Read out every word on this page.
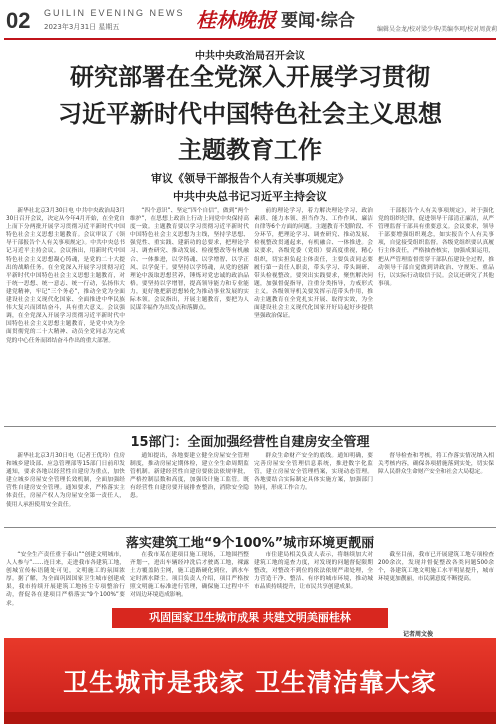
02 GUILIN EVENING NEWS
2023年3月31日 星期五	桂林晚报 要闻·综合	编辑吴金龙/校对梁少华/美编李珂/校对周黄莉
中共中央政治局召开会议
研究部署在全党深入开展学习贯彻
习近平新时代中国特色社会主义思想
主题教育工作
审议《领导干部报告个人有关事项规定》
中共中央总书记习近平主持会议

新华社北京3月30日电 中共中央政治局3月30日召开会议，决定从今年4月开始，在全党自上而下分两批开展学习贯彻习近平新时代中国特色社会主义思想主题教育。会议审议了《领导干部报告个人有关事项规定》。中共中央总书记习近平主持会议。会议指出，用新时代中国特色社会主义思想凝心铸魂，是党的二十大提出的战略任务。在全党深入开展学习贯彻习近平新时代中国特色社会主义思想主题教育，对于统一思想、统一意志、统一行动，弘扬伟大建党精神，牢记“三个务必”，推动全党为全面建设社会主义现代化国家、全面推进中华民族伟大复兴而团结奋斗，具有重大意义。会议强调，在全党深入开展学习贯彻习近平新时代中国特色社会主义思想主题教育，是党中央为全面贯彻党的二十大精神、动员全党同志为完成党的中心任务而团结奋斗作出的重大部署。

“四个意识”、坚定“四个自信”，做到“两个维护”，在思想上政治上行动上同党中央保持高度一致。主题教育要以学习贯彻习近平新时代中国特色社会主义思想为主线，坚持学思想、强党性、重实践、建新功的总要求，把理论学习、调查研究、推动发展、检视整改等有机融合、一体推进，以学铸魂、以学增智、以学正风、以学促干。要坚持以学铸魂，从党的创新理论中汲取思想营养，锤炼对党忠诚的政治品格。要坚持以学增智，提高领导能力和专业能力，更好地把新思想转化为推动事业发展的实际本领。会议指出，开展主题教育，要把为人民谋幸福作为出发点和落脚点。

前的理论学习，着力解决理论学习、政治素质、能力本领、担当作为、工作作风、廉洁自律等6个方面的问题。主题教育不划阶段、不分环节，把理论学习、调查研究、推动发展、检视整改贯通起来，有机融合、一体推进。会议要求，各级党委（党组）要高度重视，精心组织，切实担负起主体责任，主要负责同志要履行第一责任人职责，带头学习、带头调研、带头检视整改。要突出实践要求，聚焦解决问题，加强督促指导，注重分类指导，力戒形式主义。各级领导机关要发挥示范带头作用，推动主题教育在全党扎实开展、取得实效，为全面建设社会主义现代化国家开好局起好步提供坚强政治保证。

干部报告个人有关事项规定》，对于强化党的组织纪律，促进领导干部清正廉洁，从严管理监督干部具有重要意义。会议要求，领导干部要增强组织观念，如实报告个人有关事项，自觉接受组织监督。各级党组织要认真履行主体责任，严格抽查核实，加强成果运用，把从严管理监督贯穿干部队伍建设全过程，推动领导干部自觉做到讲政治、守规矩、重品行，以实际行动取信于民。会议还研究了其他事项。

15部门：全面加强经营性自建房安全管理

新华社北京3月30日电（记者王优玲）住房和城乡建设部、应急管理部等15部门日前印发通知，要求各地以经营性自建房为重点，加快建立城乡房屋安全管理长效机制，全面加强经营性自建房安全管理。通知要求，严格落实主体责任，房屋产权人为房屋安全第一责任人，使用人承担使用安全责任。

通知提出，各地要建立健全房屋安全管理制度，推动房屋定期体检，建立全生命周期监管机制。新建经营性自建房要依法依规审批，严格控制层数和高度，加强设计施工监管。既有经营性自建房要开展排查整治，消除安全隐患。

群众生命财产安全的底线。通知明确，要完善房屋安全管理信息系统，推进数字化监管，建立房屋安全管理档案，实现动态管理。各地要结合实际制定具体实施方案，加强部门协同，形成工作合力。

督导检查和考核，将工作落实情况纳入相关考核内容，确保各项措施落到实处，切实保障人民群众生命财产安全和社会大局稳定。

落实建筑工地“9个100%”城市环境更靓丽

“安全生产责任重于泰山”“创建文明城市，人人参与”……连日来，走进我市各建筑工地，创城宣传标语随处可见，文明施工的氛围浓厚。据了解，为全面巩固国家卫生城市创建成果，我市持续开展建筑工地扬尘专项整治行动，督促各在建项目严格落实“9个100%”要求。

在我市某在建项目施工现场，工地围挡整齐划一，进出车辆经冲洗后才驶离工地，裸露土方覆盖防尘网，施工道路硬化到位，洒水车定时洒水降尘。项目负责人介绍，项目严格按照文明施工标准进行管理，确保施工过程中不对周边环境造成影响。

市住建局相关负责人表示，将继续加大对建筑工地的巡查力度，对发现的问题督促限期整改，对整改不到位的依法依规严肃处理，全力营造干净、整洁、有序的城市环境，推动城市品质持续提升，让市民共享创建成果。

截至目前，我市已开展建筑工地专项检查200余次，发现并督促整改各类问题500余个，各建筑工地文明施工水平明显提升，城市环境更加靓丽，市民满意度不断提高。

巩固国家卫生城市成果 共建文明美丽桂林
记者周文俊
卫生城市是我家 卫生清洁靠大家
